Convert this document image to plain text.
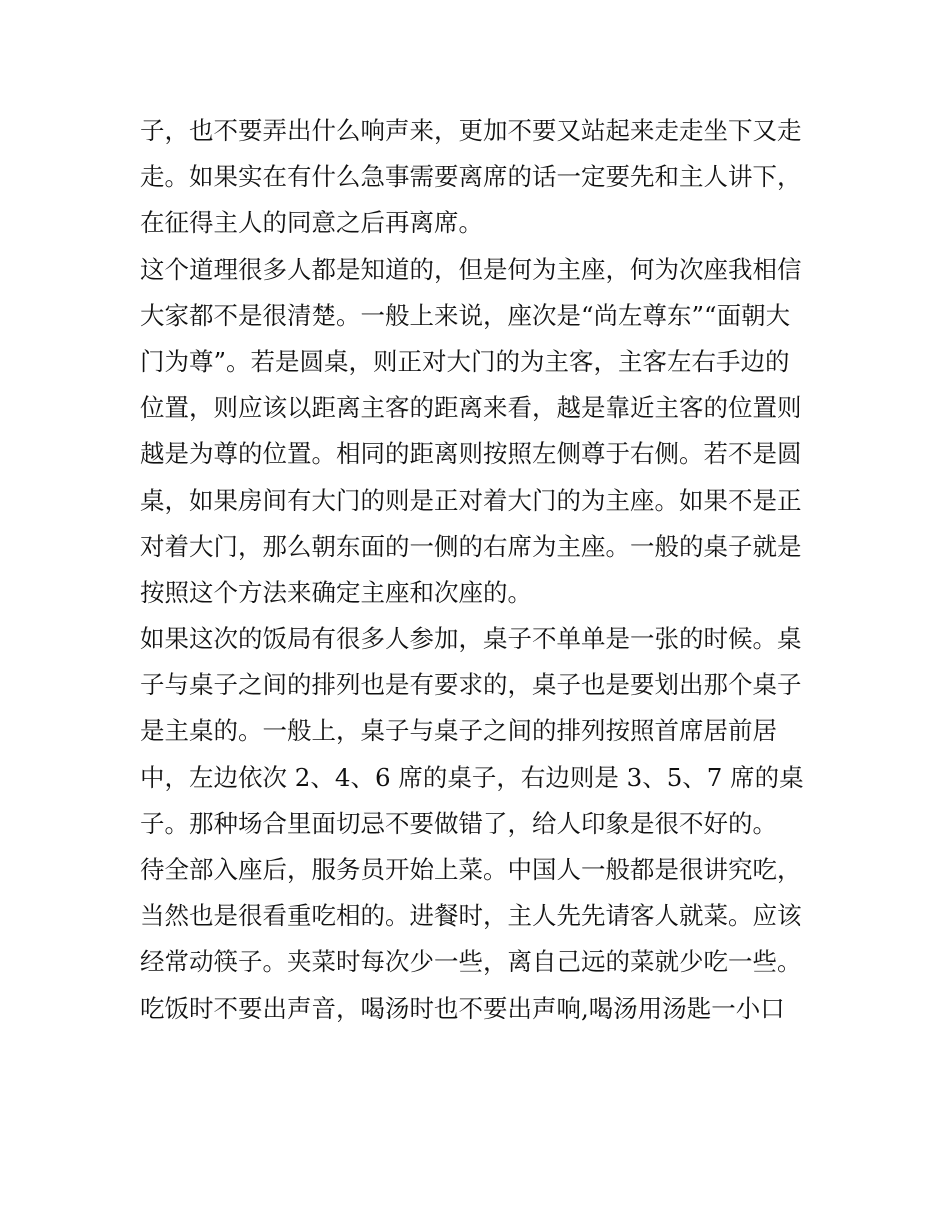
子，也不要弄出什么响声来，更加不要又站起来走走坐下又走
走。如果实在有什么急事需要离席的话一定要先和主人讲下，
在征得主人的同意之后再离席。
这个道理很多人都是知道的，但是何为主座，何为次座我相信
大家都不是很清楚。一般上来说，座次是“尚左尊东”“面朝大
门为尊”。若是圆桌，则正对大门的为主客，主客左右手边的
位置，则应该以距离主客的距离来看，越是靠近主客的位置则
越是为尊的位置。相同的距离则按照左侧尊于右侧。若不是圆
桌，如果房间有大门的则是正对着大门的为主座。如果不是正
对着大门，那么朝东面的一侧的右席为主座。一般的桌子就是
按照这个方法来确定主座和次座的。
如果这次的饭局有很多人参加，桌子不单单是一张的时候。桌
子与桌子之间的排列也是有要求的，桌子也是要划出那个桌子
是主桌的。一般上，桌子与桌子之间的排列按照首席居前居
中，左边依次 2、4、6 席的桌子，右边则是 3、5、7 席的桌
子。那种场合里面切忌不要做错了，给人印象是很不好的。
待全部入座后，服务员开始上菜。中国人一般都是很讲究吃，
当然也是很看重吃相的。进餐时，主人先先请客人就菜。应该
经常动筷子。夹菜时每次少一些，离自己远的菜就少吃一些。
吃饭时不要出声音，喝汤时也不要出声响,喝汤用汤匙一小口
